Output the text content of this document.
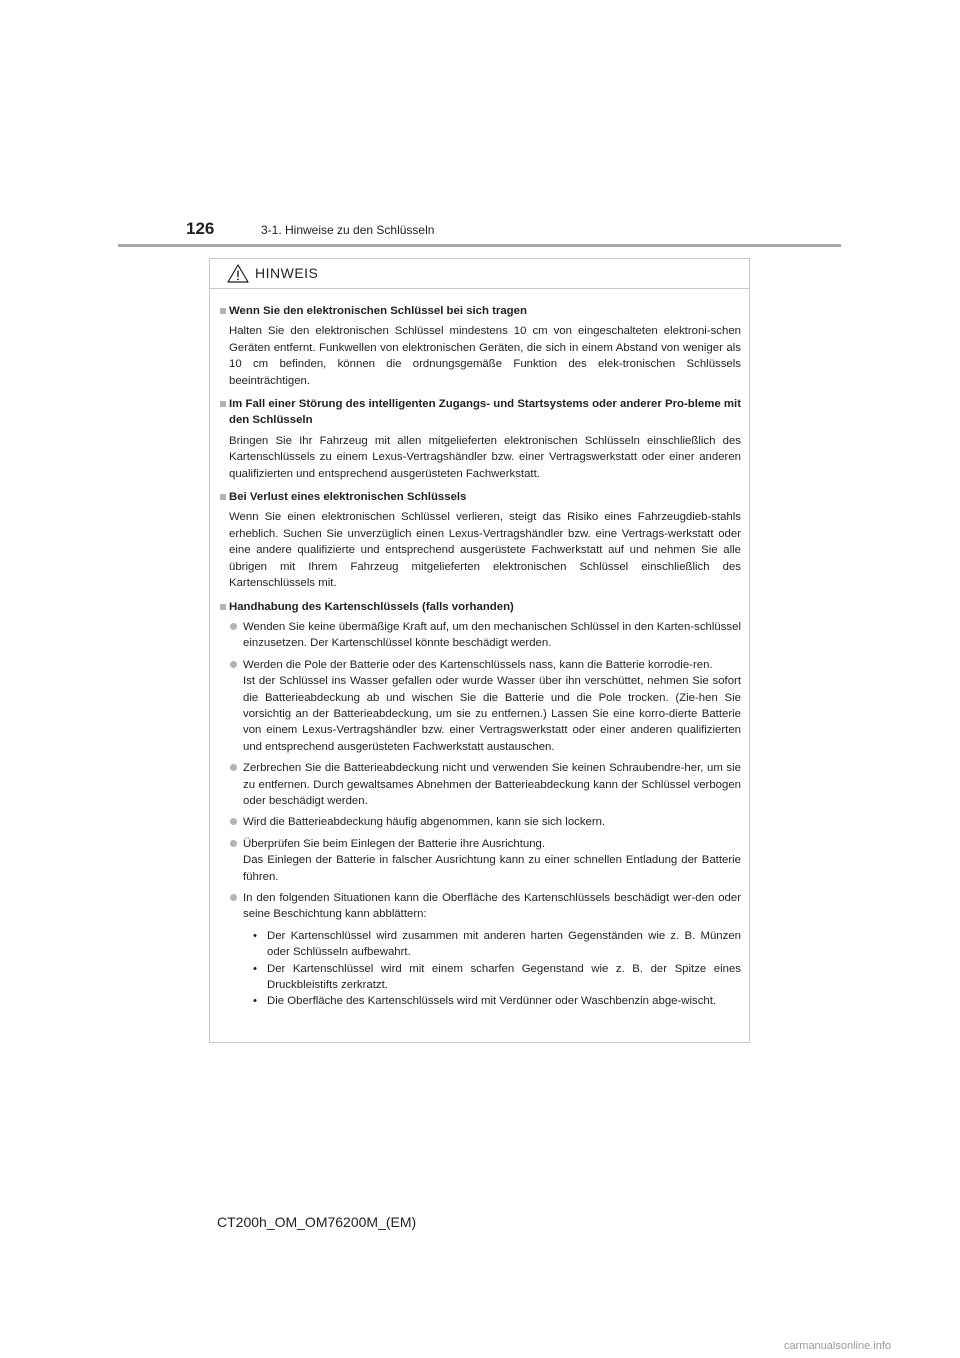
126	3-1. Hinweise zu den Schlüsseln
HINWEIS
Wenn Sie den elektronischen Schlüssel bei sich tragen
Halten Sie den elektronischen Schlüssel mindestens 10 cm von eingeschalteten elektroni-schen Geräten entfernt. Funkwellen von elektronischen Geräten, die sich in einem Abstand von weniger als 10 cm befinden, können die ordnungsgemäße Funktion des elek-tronischen Schlüssels beeinträchtigen.
Im Fall einer Störung des intelligenten Zugangs- und Startsystems oder anderer Pro-bleme mit den Schlüsseln
Bringen Sie Ihr Fahrzeug mit allen mitgelieferten elektronischen Schlüsseln einschließlich des Kartenschlüssels zu einem Lexus-Vertragshändler bzw. einer Vertragswerkstatt oder einer anderen qualifizierten und entsprechend ausgerüsteten Fachwerkstatt.
Bei Verlust eines elektronischen Schlüssels
Wenn Sie einen elektronischen Schlüssel verlieren, steigt das Risiko eines Fahrzeugdieb-stahls erheblich. Suchen Sie unverzüglich einen Lexus-Vertragshändler bzw. eine Vertrags-werkstatt oder eine andere qualifizierte und entsprechend ausgerüstete Fachwerkstatt auf und nehmen Sie alle übrigen mit Ihrem Fahrzeug mitgelieferten elektronischen Schlüssel einschließlich des Kartenschlüssels mit.
Handhabung des Kartenschlüssels (falls vorhanden)
Wenden Sie keine übermäßige Kraft auf, um den mechanischen Schlüssel in den Karten-schlüssel einzusetzen. Der Kartenschlüssel könnte beschädigt werden.
Werden die Pole der Batterie oder des Kartenschlüssels nass, kann die Batterie korrodie-ren.
Ist der Schlüssel ins Wasser gefallen oder wurde Wasser über ihn verschüttet, nehmen Sie sofort die Batterieabdeckung ab und wischen Sie die Batterie und die Pole trocken. (Zie-hen Sie vorsichtig an der Batterieabdeckung, um sie zu entfernen.) Lassen Sie eine korro-dierte Batterie von einem Lexus-Vertragshändler bzw. einer Vertragswerkstatt oder einer anderen qualifizierten und entsprechend ausgerüsteten Fachwerkstatt austauschen.
Zerbrechen Sie die Batterieabdeckung nicht und verwenden Sie keinen Schraubendre-her, um sie zu entfernen. Durch gewaltsames Abnehmen der Batterieabdeckung kann der Schlüssel verbogen oder beschädigt werden.
Wird die Batterieabdeckung häufig abgenommen, kann sie sich lockern.
Überprüfen Sie beim Einlegen der Batterie ihre Ausrichtung.
Das Einlegen der Batterie in falscher Ausrichtung kann zu einer schnellen Entladung der Batterie führen.
In den folgenden Situationen kann die Oberfläche des Kartenschlüssels beschädigt wer-den oder seine Beschichtung kann abblättern:
• Der Kartenschlüssel wird zusammen mit anderen harten Gegenständen wie z. B. Münzen oder Schlüsseln aufbewahrt.
• Der Kartenschlüssel wird mit einem scharfen Gegenstand wie z. B. der Spitze eines Druckbleistifts zerkratzt.
• Die Oberfläche des Kartenschlüssels wird mit Verdünner oder Waschbenzin abge-wischt.
CT200h_OM_OM76200M_(EM)
carmanualsonline.info
